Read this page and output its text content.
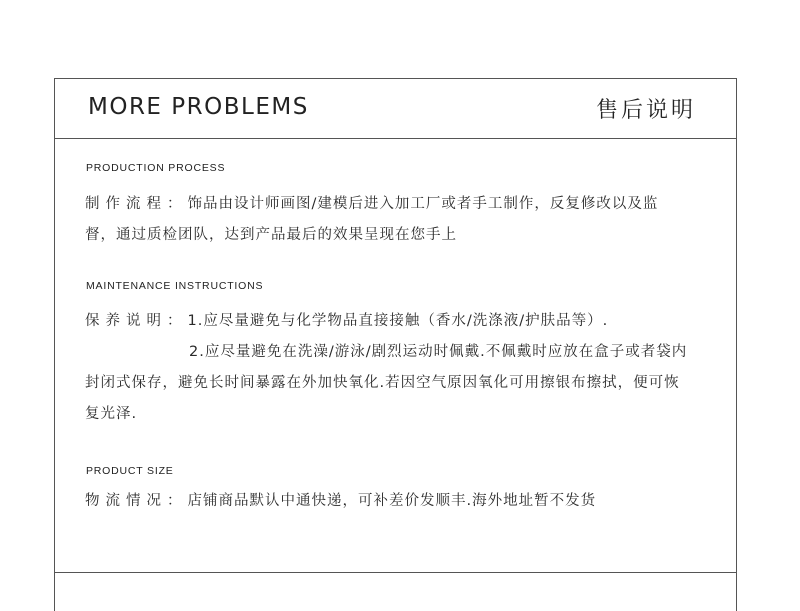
MORE PROBLEMS	售后说明
PRODUCTION PROCESS
制作流程：饰品由设计师画图/建模后进入加工厂或者手工制作，反复修改以及监
督，通过质检团队，达到产品最后的效果呈现在您手上
MAINTENANCE INSTRUCTIONS
保养说明：1.应尽量避免与化学物品直接接触（香水/洗涤液/护肤品等）.
2.应尽量避免在洗澡/游泳/剧烈运动时佩戴.不佩戴时应放在盒子或者袋内
封闭式保存，避免长时间暴露在外加快氧化.若因空气原因氧化可用擦银布擦拭，便可恢
复光泽.
PRODUCT SIZE
物流情况：店铺商品默认中通快递，可补差价发顺丰.海外地址暂不发货
